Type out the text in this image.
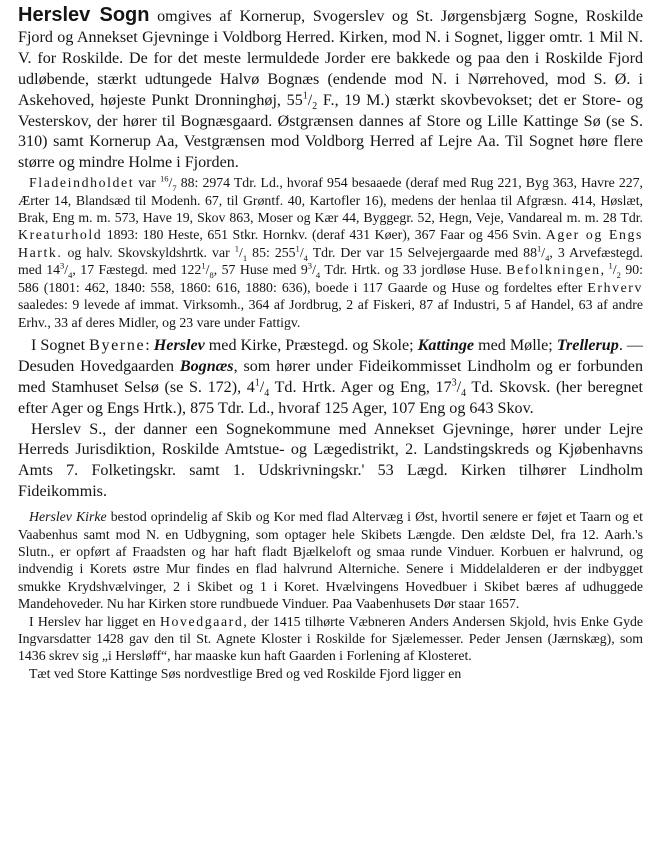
Herslev Sogn omgives af Kornerup, Svogerslev og St. Jørgensbjærg Sogne, Roskilde Fjord og Annekset Gjevninge i Voldborg Herred. Kirken, mod N. i Sognet, ligger omtr. 1 Mil N. V. for Roskilde. De for det meste lermuldede Jorder ere bakkede og paa den i Roskilde Fjord udløbende, stærkt udtungede Halvø Bognæs (endende mod N. i Nørrehoved, mod S. Ø. i Askehoved, højeste Punkt Dronninghøj, $55^1/_2$ F., 19 M.) stærkt skovbevokset; det er Store- og Vesterskov, der hører til Bognæsgaard. Østgrænsen dannes af Store og Lille Kattinge Sø (se S. 310) samt Kornerup Aa, Vestgrænsen mod Voldborg Herred af Lejre Aa. Til Sognet høre flere større og mindre Holme i Fjorden.

Fladeindholdet var $^{16}/_7$ 88: 2974 Tdr. Ld., hvoraf 954 besaaede (deraf med Rug 221, Byg 363, Havre 227, Ærter 14, Blandsæd til Modenh. 67, til Grøntf. 40, Kartofler 16), medens der henlaa til Afgræsn. 414, Høslæt, Brak, Eng m. m. 573, Have 19, Skov 863, Moser og Kær 44, Byggegr. 52, Hegn, Veje, Vandareal m. m. 28 Tdr. Kreaturhold 1893: 180 Heste, 651 Stkr. Hornkv. (deraf 431 Køer), 367 Faar og 456 Svin. Ager og Engs Hartk. og halv. Skovskyldshrtk. var $^1/_1$ 85: $255^1/_4$ Tdr. Der var 15 Selvejergaarde med $88^1/_4$, 3 Arvefæstegd. med $14^3/_4$, 17 Fæstegd. med $122^1/_8$, 57 Huse med $9^3/_4$ Tdr. Hrtk. og 33 jordløse Huse. Befolkningen, $^1/_2$ 90: 586 (1801: 462, 1840: 558, 1860: 616, 1880: 636), boede i 117 Gaarde og Huse og fordeltes efter Erhverv saaledes: 9 levede af immat. Virksomh., 364 af Jordbrug, 2 af Fiskeri, 87 af Industri, 5 af Handel, 63 af andre Erhv., 33 af deres Midler, og 23 vare under Fattigv.

I Sognet Byerne: Herslev med Kirke, Præstegd. og Skole; Kattinge med Mølle; Trellerup. — Desuden Hovedgaarden Bognæs, som hører under Fideikommisset Lindholm og er forbunden med Stamhuset Selsø (se S. 172), $4^1/_4$ Td. Hrtk. Ager og Eng, $17^3/_4$ Td. Skovsk. (her beregnet efter Ager og Engs Hrtk.), 875 Tdr. Ld., hvoraf 125 Ager, 107 Eng og 643 Skov.

Herslev S., der danner een Sognekommune med Annekset Gjevninge, hører under Lejre Herreds Jurisdiktion, Roskilde Amtstue- og Lægedistrikt, 2. Landstingskreds og Kjøbenhavns Amts 7. Folketingskr. samt 1. Udskrivningskr.' 53 Lægd. Kirken tilhører Lindholm Fideikommis.

Herslev Kirke bestod oprindelig af Skib og Kor med flad Altervæg i Øst, hvortil senere er føjet et Taarn og et Vaabenhus samt mod N. en Udbygning, som optager hele Skibets Længde. Den ældste Del, fra 12. Aarh.'s Slutn., er opført af Fraadsten og har haft fladt Bjælkeloft og smaa runde Vinduer. Korbuen er halvrund, og indvendig i Korets østre Mur findes en flad halvrund Alterniche. Senere i Middelalderen er der indbygget smukke Krydshvælvinger, 2 i Skibet og 1 i Koret. Hvælvingens Hovedbuer i Skibet bæres af udhuggede Mandehoveder. Nu har Kirken store rundbuede Vinduer. Paa Vaabenhusets Dør staar 1657.

I Herslev har ligget en Hovedgaard, der 1415 tilhørte Væbneren Anders Andersen Skjold, hvis Enke Gyde Ingvarsdatter 1428 gav den til St. Agnete Kloster i Roskilde for Sjælemesser. Peder Jensen (Jærnskæg), som 1436 skrev sig „i Hersløff“, har maaske kun haft Gaarden i Forlening af Klosteret.

Tæt ved Store Kattinge Søs nordvestlige Bred og ved Roskilde Fjord ligger en
